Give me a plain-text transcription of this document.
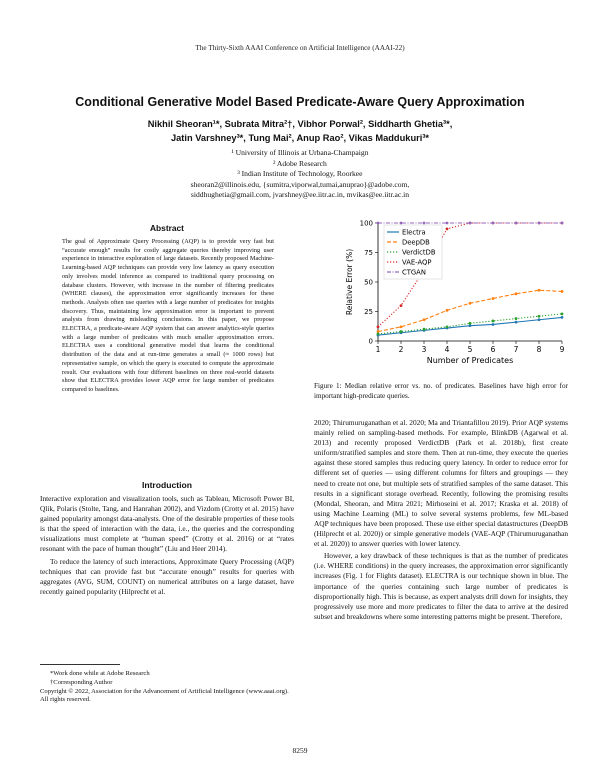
The Thirty-Sixth AAAI Conference on Artificial Intelligence (AAAI-22)
Conditional Generative Model Based Predicate-Aware Query Approximation
Nikhil Sheoran¹*, Subrata Mitra²†, Vibhor Porwal², Siddharth Ghetia³*,
Jatin Varshney³*, Tung Mai², Anup Rao², Vikas Maddukuri³*
¹ University of Illinois at Urbana-Champaign
² Adobe Research
³ Indian Institute of Technology, Roorkee
sheoran2@illinois.edu, {sumitra,viporwal,tumai,anuprao}@adobe.com,
siddhughetia@gmail.com, jvarshney@ee.iitr.ac.in, mvikas@ee.iitr.ac.in
Abstract
The goal of Approximate Query Processing (AQP) is to provide very fast but “accurate enough” results for costly aggregate queries thereby improving user experience in interactive exploration of large datasets. Recently proposed Machine-Learning-based AQP techniques can provide very low latency as query execution only involves model inference as compared to traditional query processing on database clusters. However, with increase in the number of filtering predicates (WHERE clauses), the approximation error significantly increases for these methods. Analysts often use queries with a large number of predicates for insights discovery. Thus, maintaining low approximation error is important to prevent analysts from drawing misleading conclusions. In this paper, we propose ELECTRA, a predicate-aware AQP system that can answer analytics-style queries with a large number of predicates with much smaller approximation errors. ELECTRA uses a conditional generative model that learns the conditional distribution of the data and at run-time generates a small (≈ 1000 rows) but representative sample, on which the query is executed to compute the approximate result. Our evaluations with four different baselines on three real-world datasets show that ELECTRA provides lower AQP error for large number of predicates compared to baselines.
Introduction

Interactive exploration and visualization tools, such as Tableau, Microsoft Power BI, Qlik, Polaris (Stolte, Tang, and Hanrahan 2002), and Vizdom (Crotty et al. 2015) have gained popularity amongst data-analysts. One of the desirable properties of these tools is that the speed of interaction with the data, i.e., the queries and the corresponding visualizations must complete at “human speed” (Crotty et al. 2016) or at “rates resonant with the pace of human thought” (Liu and Heer 2014).

To reduce the latency of such interactions, Approximate Query Processing (AQP) techniques that can provide fast but “accurate enough” results for queries with aggregates (AVG, SUM, COUNT) on numerical attributes on a large dataset, have recently gained popularity (Hilprecht et al.

*Work done while at Adobe Research
†Corresponding Author
Copyright © 2022, Association for the Advancement of Artificial Intelligence (www.aaai.org). All rights reserved.
0
25
50
75
100
1 2 3 4 5 6 7 8 9
Number of Predicates
Relative Error (%)
Electra
DeepDB
VerdictDB
VAE-AQP
CTGAN
Figure 1: Median relative error vs. no. of predicates. Baselines have high error for important high-predicate queries.

2020; Thirumuruganathan et al. 2020; Ma and Triantafillou 2019). Prior AQP systems mainly relied on sampling-based methods. For example, BlinkDB (Agarwal et al. 2013) and recently proposed VerdictDB (Park et al. 2018b), first create uniform/stratified samples and store them. Then at run-time, they execute the queries against these stored samples thus reducing query latency. In order to reduce error for different set of queries — using different columns for filters and groupings — they need to create not one, but multiple sets of stratified samples of the same dataset. This results in a significant storage overhead. Recently, following the promising results (Mondal, Sheoran, and Mitra 2021; Mirhoseini et al. 2017; Kraska et al. 2018) of using Machine Learning (ML) to solve several systems problems, few ML-based AQP techniques have been proposed. These use either special datastructures (DeepDB (Hilprecht et al. 2020)) or simple generative models (VAE-AQP (Thirumuruganathan et al. 2020)) to answer queries with lower latency.

However, a key drawback of these techniques is that as the number of predicates (i.e. WHERE conditions) in the query increases, the approximation error significantly increases (Fig. 1 for Flights dataset). ELECTRA is our technique shown in blue. The importance of the queries containing such large number of predicates is disproportionally high. This is because, as expert analysts drill down for insights, they progressively use more and more predicates to filter the data to arrive at the desired subset and breakdowns where some interesting patterns might be present. Therefore,

8259
